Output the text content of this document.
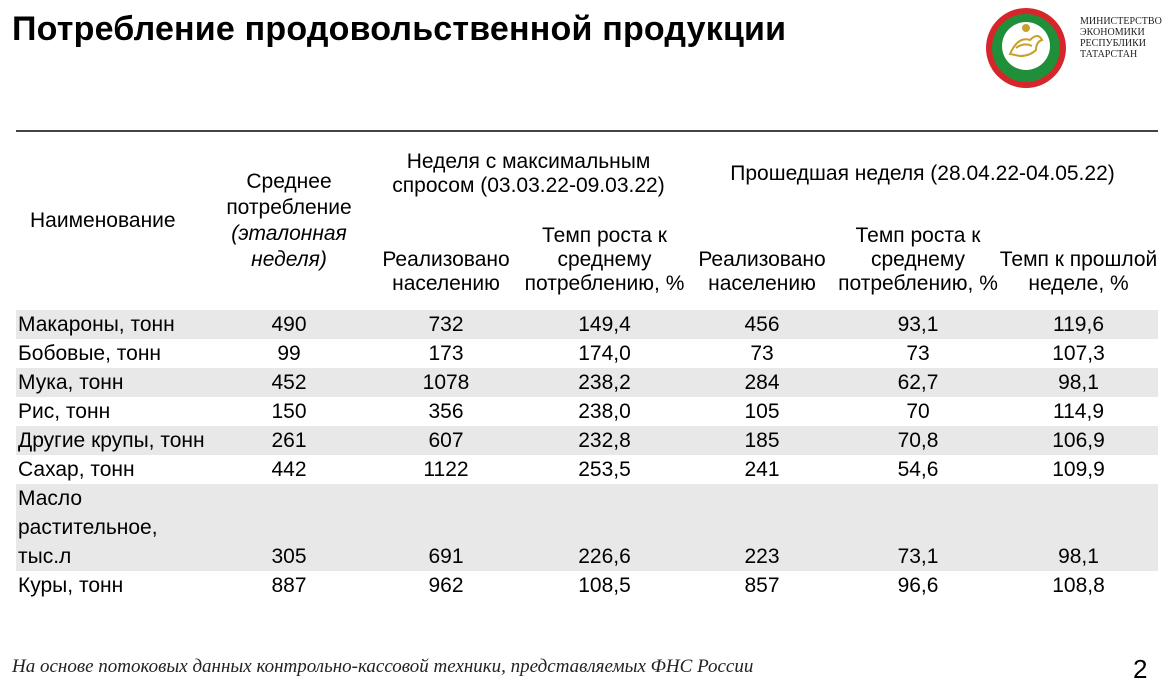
Потребление продовольственной продукции	МИНИСТЕРСТВО
ЭКОНОМИКИ
РЕСПУБЛИКИ
ТАТАРСТАН
Наименование	Среднее потребление
(эталонная неделя)	Неделя с максимальным спросом (03.03.22-09.03.22)		Прошедшая неделя (28.04.22-04.05.22)		
		Реализовано населению	Темп роста к среднему потреблению, %	Реализовано населению	Темп роста к среднему потреблению, %	Темп к прошлой неделе, %
Макароны, тонн	490	732	149,4	456	93,1	119,6
Бобовые, тонн	99	173	174,0	73	73	107,3
Мука, тонн	452	1078	238,2	284	62,7	98,1
Рис, тонн	150	356	238,0	105	70	114,9
Другие крупы, тонн	261	607	232,8	185	70,8	106,9
Сахар, тонн	442	1122	253,5	241	54,6	109,9
Масло растительное, тыс.л	305	691	226,6	223	73,1	98,1
Куры, тонн	887	962	108,5	857	96,6	108,8
На основе потоковых данных контрольно-кассовой техники, представляемых ФНС России	2
